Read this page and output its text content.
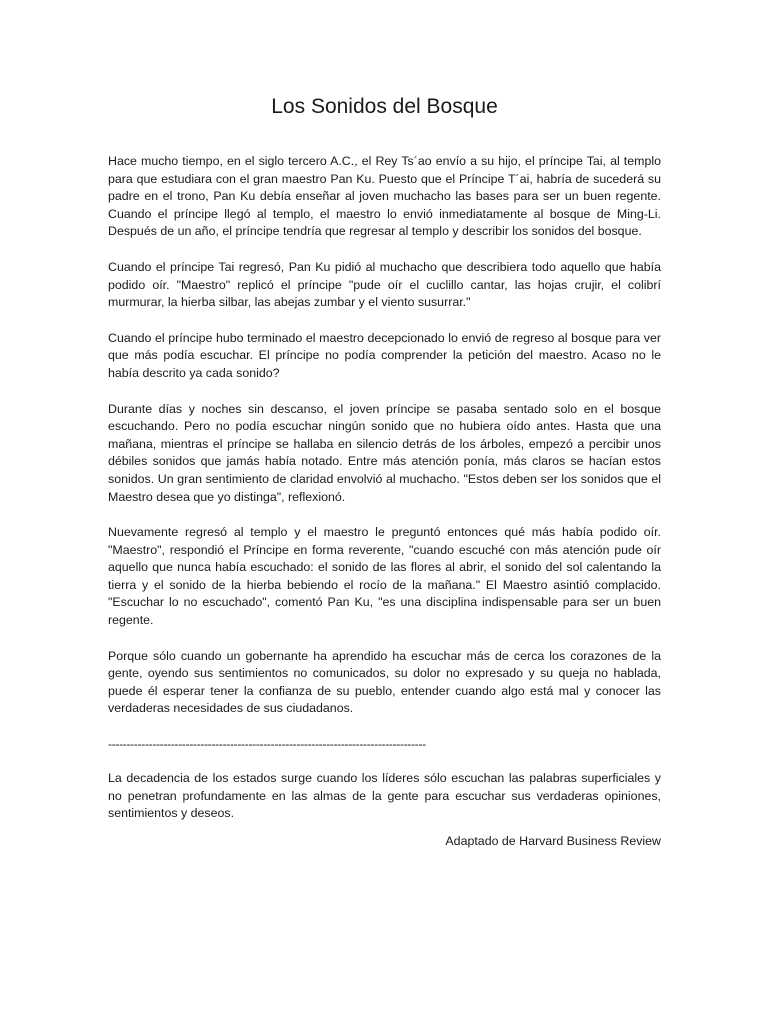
Los Sonidos del Bosque

Hace mucho tiempo, en el siglo tercero A.C., el Rey Ts´ao envío a su hijo, el príncipe Tai, al templo para que estudiara con el gran maestro Pan Ku. Puesto que el Príncipe T´ai, habría de sucederá su padre en el trono, Pan Ku debía enseñar al joven muchacho las bases para ser un buen regente. Cuando el príncipe llegó al templo, el maestro lo envió inmediatamente al bosque de Ming-Li. Después de un año, el príncipe tendría que regresar al templo y describir los sonidos del bosque.

Cuando el príncipe Tai regresó, Pan Ku pidió al muchacho que describiera todo aquello que había podido oír. "Maestro" replicó el príncipe "pude oír el cuclillo cantar, las hojas crujir, el colibrí murmurar, la hierba silbar, las abejas zumbar y el viento susurrar."

Cuando el príncipe hubo terminado el maestro decepcionado lo envió de regreso al bosque para ver que más podía escuchar. El príncipe no podía comprender la petición del maestro. Acaso no le había descrito ya cada sonido?

Durante días y noches sin descanso, el joven príncipe se pasaba sentado solo en el bosque escuchando. Pero no podía escuchar ningún sonido que no hubiera oído antes. Hasta que una mañana, mientras el príncipe se hallaba en silencio detrás de los árboles, empezó a percibir unos débiles sonidos que jamás había notado. Entre más atención ponía, más claros se hacían estos sonidos. Un gran sentimiento de claridad envolvió al muchacho. "Estos deben ser los sonidos que el Maestro desea que yo distinga", reflexionó.

Nuevamente regresó al templo y el maestro le preguntó entonces qué más había podido oír. "Maestro", respondió el Príncipe en forma reverente, "cuando escuché con más atención pude oír aquello que nunca había escuchado: el sonido de las flores al abrir, el sonido del sol calentando la tierra y el sonido de la hierba bebiendo el rocío de la mañana." El Maestro asintió complacido. "Escuchar lo no escuchado", comentó Pan Ku, "es una disciplina indispensable para ser un buen regente.

Porque sólo cuando un gobernante ha aprendido ha escuchar más de cerca los corazones de la gente, oyendo sus sentimientos no comunicados, su dolor no expresado y su queja no hablada, puede él esperar tener la confianza de su pueblo, entender cuando algo está mal y conocer las verdaderas necesidades de sus ciudadanos.

--------------------------------------------------------------------------------------

La decadencia de los estados surge cuando los líderes sólo escuchan las palabras superficiales y no penetran profundamente en las almas de la gente para escuchar sus verdaderas opiniones, sentimientos y deseos.

Adaptado de Harvard Business Review
